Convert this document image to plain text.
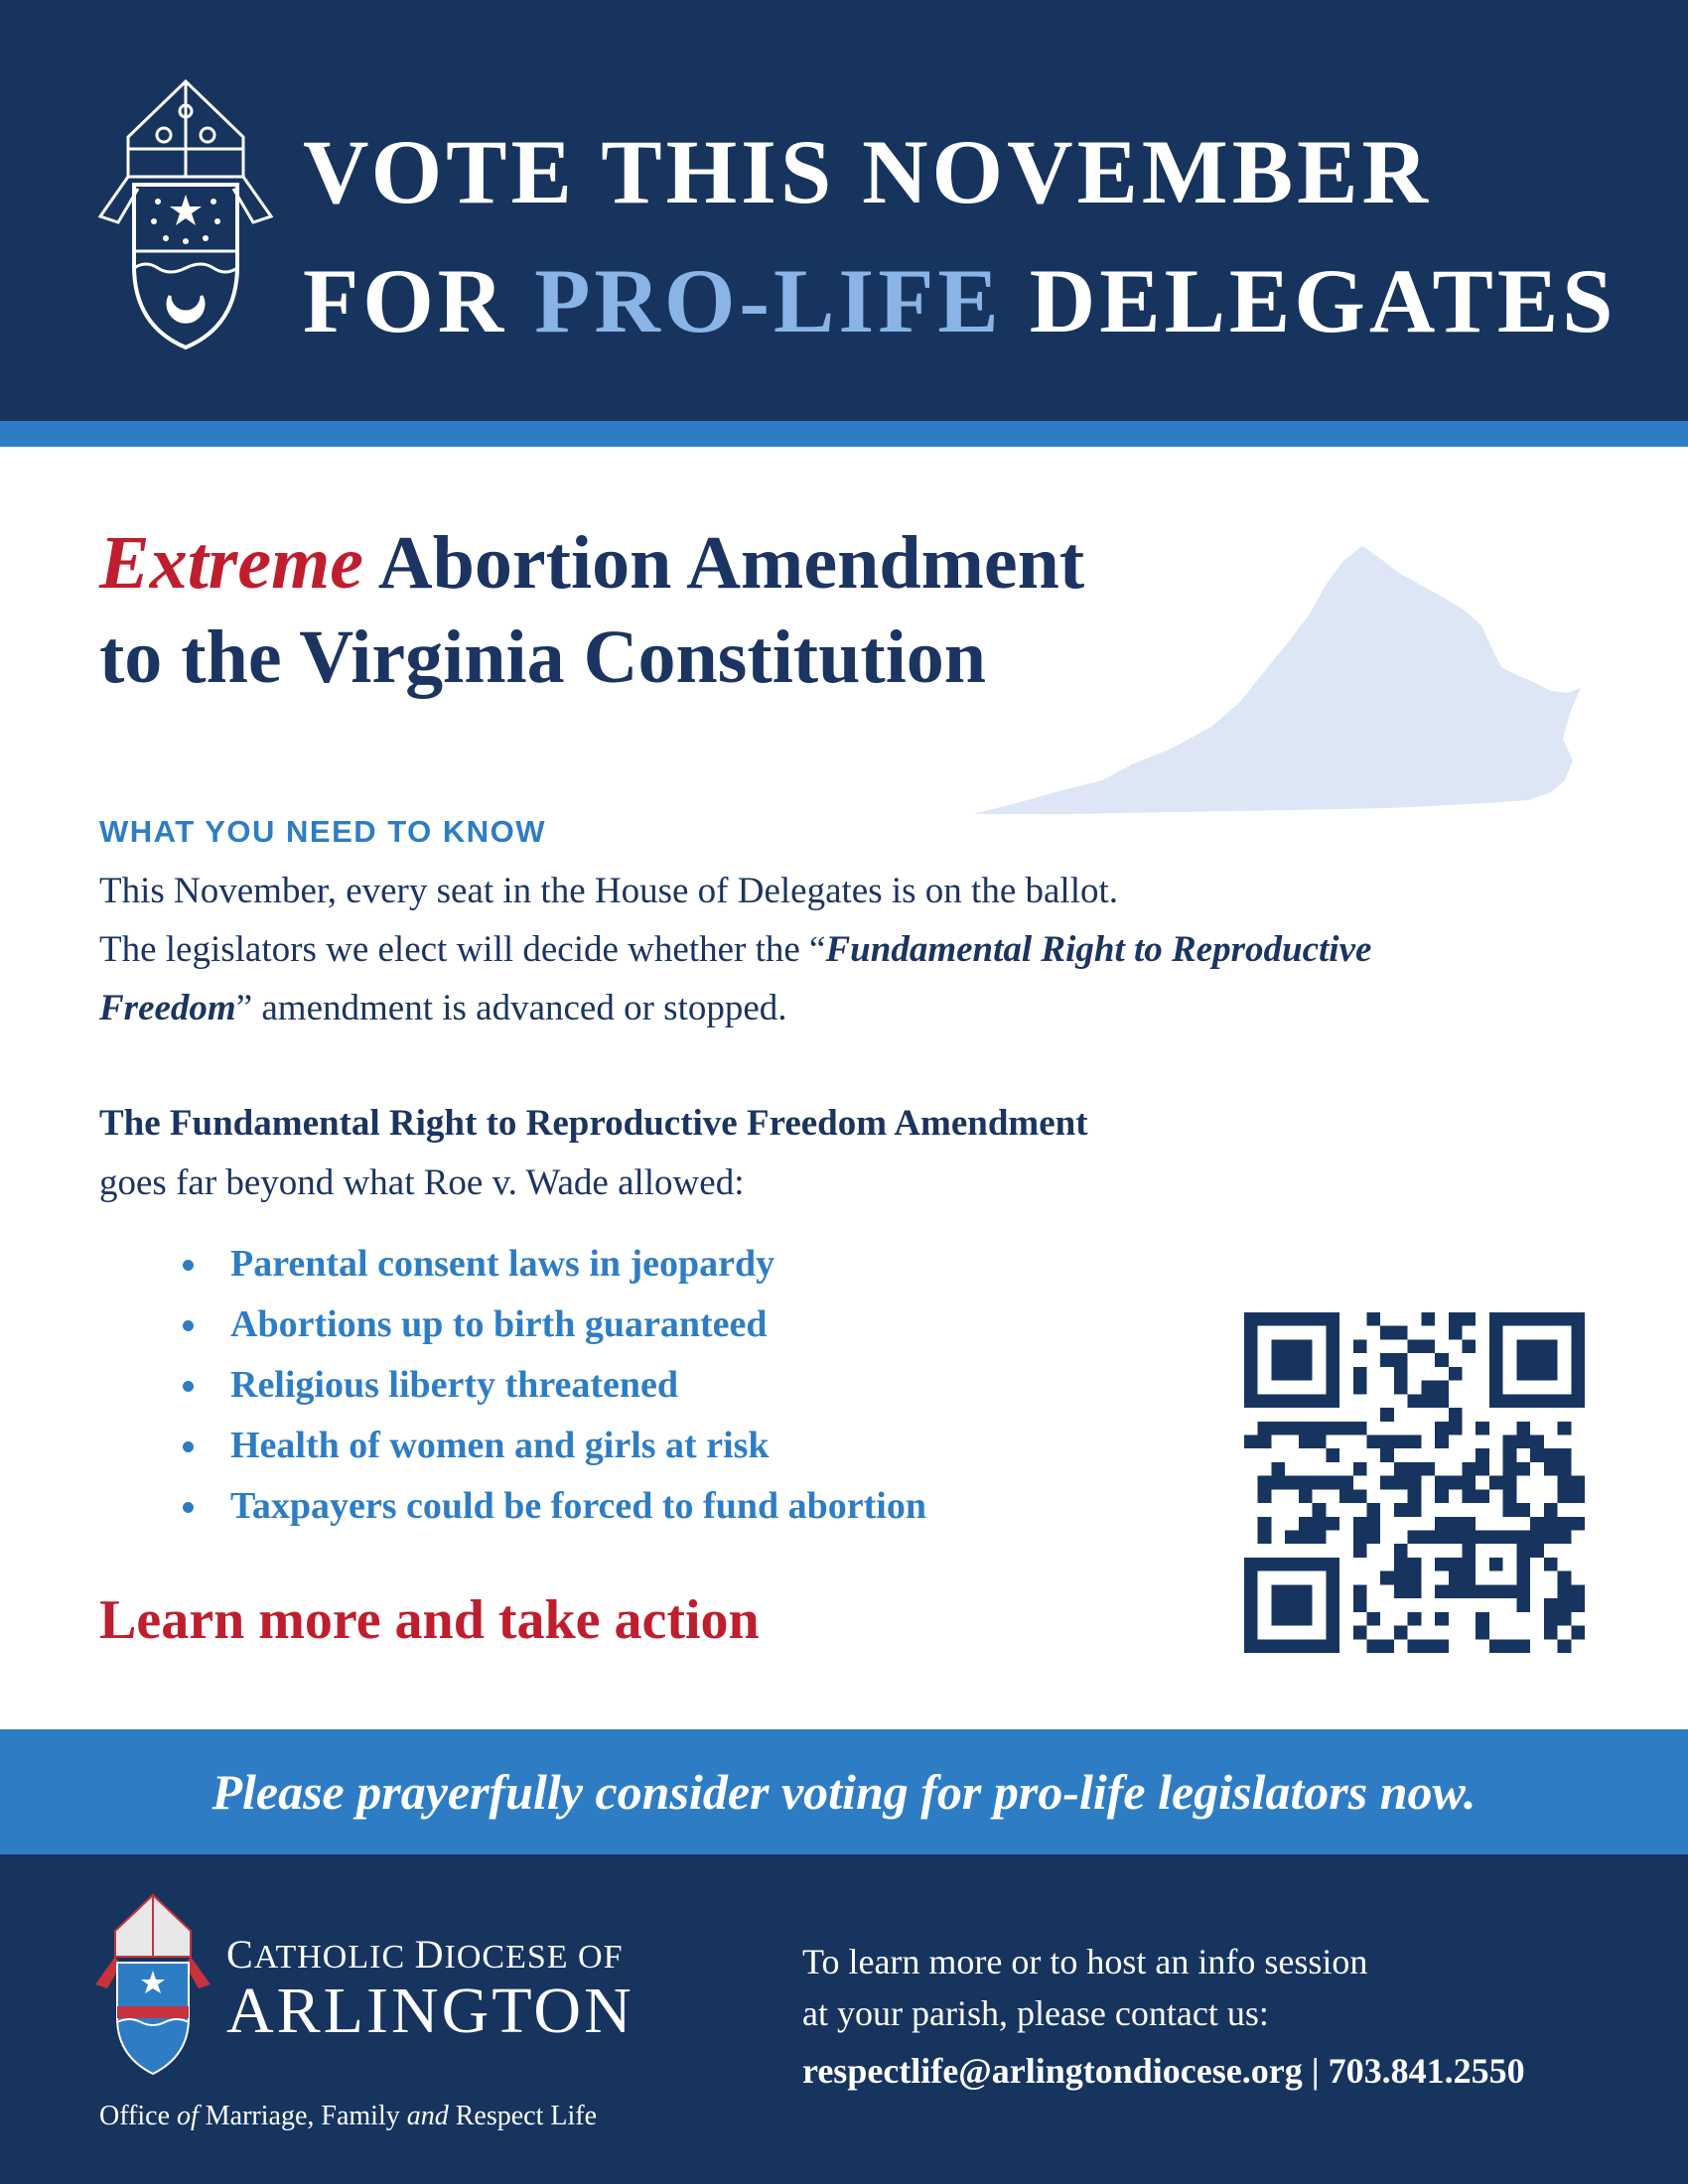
VOTE THIS NOVEMBER
FOR PRO-LIFE DELEGATES
Extreme Abortion Amendment
to the Virginia Constitution
WHAT YOU NEED TO KNOW
This November, every seat in the House of Delegates is on the ballot.
The legislators we elect will decide whether the “Fundamental Right to Reproductive Freedom” amendment is advanced or stopped.
The Fundamental Right to Reproductive Freedom Amendment
goes far beyond what Roe v. Wade allowed:
Parental consent laws in jeopardy
Abortions up to birth guaranteed
Religious liberty threatened
Health of women and girls at risk
Taxpayers could be forced to fund abortion
Learn more and take action
Please prayerfully consider voting for pro-life legislators now.
CATHOLIC DIOCESE OF
ARLINGTON
Office of Marriage, Family and Respect Life
To learn more or to host an info session
at your parish, please contact us:
respectlife@arlingtondiocese.org | 703.841.2550
